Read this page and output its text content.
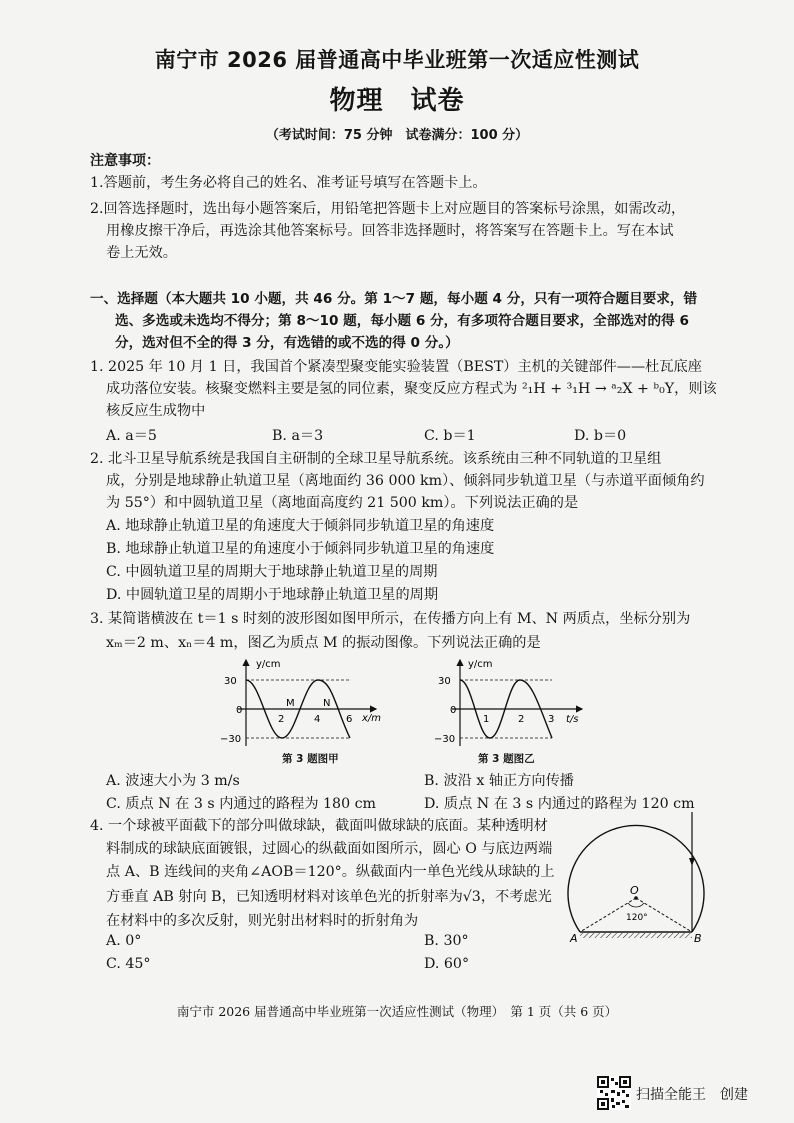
南宁市 2026 届普通高中毕业班第一次适应性测试
物理　试卷
（考试时间：75 分钟　试卷满分：100 分）
注意事项：
1.答题前，考生务必将自己的姓名、准考证号填写在答题卡上。
2.回答选择题时，选出每小题答案后，用铅笔把答题卡上对应题目的答案标号涂黑，如需改动，
用橡皮擦干净后，再选涂其他答案标号。回答非选择题时，将答案写在答题卡上。写在本试
卷上无效。
一、选择题（本大题共 10 小题，共 46 分。第 1～7 题，每小题 4 分，只有一项符合题目要求，错
选、多选或未选均不得分；第 8～10 题，每小题 6 分，有多项符合题目要求，全部选对的得 6
分，选对但不全的得 3 分，有选错的或不选的得 0 分。）
1. 2025 年 10 月 1 日，我国首个紧凑型聚变能实验装置（BEST）主机的关键部件——杜瓦底座
成功落位安装。核聚变燃料主要是氢的同位素，聚变反应方程式为 ²₁H + ³₁H → ᵃ₂X + ᵇ₀Y，则该
核反应生成物中
A. a＝5	B. a＝3	C. b＝1	D. b＝0
2. 北斗卫星导航系统是我国自主研制的全球卫星导航系统。该系统由三种不同轨道的卫星组
成，分别是地球静止轨道卫星（离地面约 36 000 km）、倾斜同步轨道卫星（与赤道平面倾角约
为 55°）和中圆轨道卫星（离地面高度约 21 500 km）。下列说法正确的是
A. 地球静止轨道卫星的角速度大于倾斜同步轨道卫星的角速度
B. 地球静止轨道卫星的角速度小于倾斜同步轨道卫星的角速度
C. 中圆轨道卫星的周期大于地球静止轨道卫星的周期
D. 中圆轨道卫星的周期小于地球静止轨道卫星的周期
3. 某简谐横波在 t＝1 s 时刻的波形图如图甲所示，在传播方向上有 M、N 两质点，坐标分别为
xₘ＝2 m、xₙ＝4 m，图乙为质点 M 的振动图像。下列说法正确的是
y/cm
30
0
−30
2	4	6 x/m
M	N
第 3 题图甲
y/cm
30
0
−30
1	2 3 t/s
第 3 题图乙
A. 波速大小为 3 m/s	B. 波沿 x 轴正方向传播
C. 质点 N 在 3 s 内通过的路程为 180 cm	D. 质点 N 在 3 s 内通过的路程为 120 cm
4. 一个球被平面截下的部分叫做球缺，截面叫做球缺的底面。某种透明材
料制成的球缺底面镀银，过圆心的纵截面如图所示，圆心 O 与底边两端
点 A、B 连线间的夹角∠AOB＝120°。纵截面内一单色光线从球缺的上
方垂直 AB 射向 B，已知透明材料对该单色光的折射率为√3，不考虑光
在材料中的多次反射，则光射出材料时的折射角为
O
120°
A	B
A. 0°	B. 30°
C. 45°	D. 60°
南宁市 2026 届普通高中毕业班第一次适应性测试（物理）　第 1 页（共 6 页）
扫描全能王　创建
